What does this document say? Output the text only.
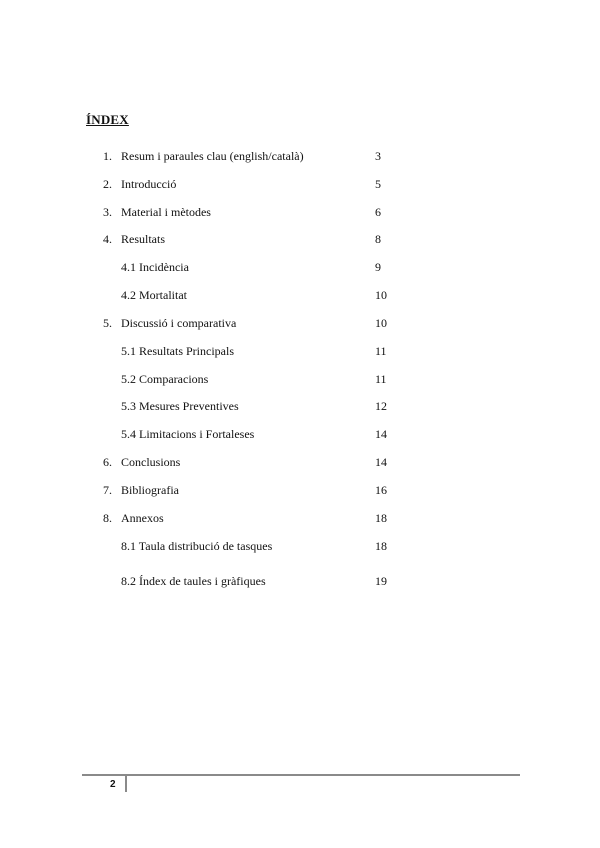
ÍNDEX
1. Resum i paraules clau (english/català)	3
2. Introducció	5
3. Material i mètodes	6
4. Resultats	8
4.1 Incidència	9
4.2 Mortalitat	10
5. Discussió i comparativa	10
5.1 Resultats Principals	11
5.2 Comparacions	11
5.3 Mesures Preventives	12
5.4 Limitacions i Fortaleses	14
6. Conclusions	14
7. Bibliografia	16
8. Annexos	18
8.1 Taula distribució de tasques	18
8.2 Índex de taules i gràfiques	19
2
